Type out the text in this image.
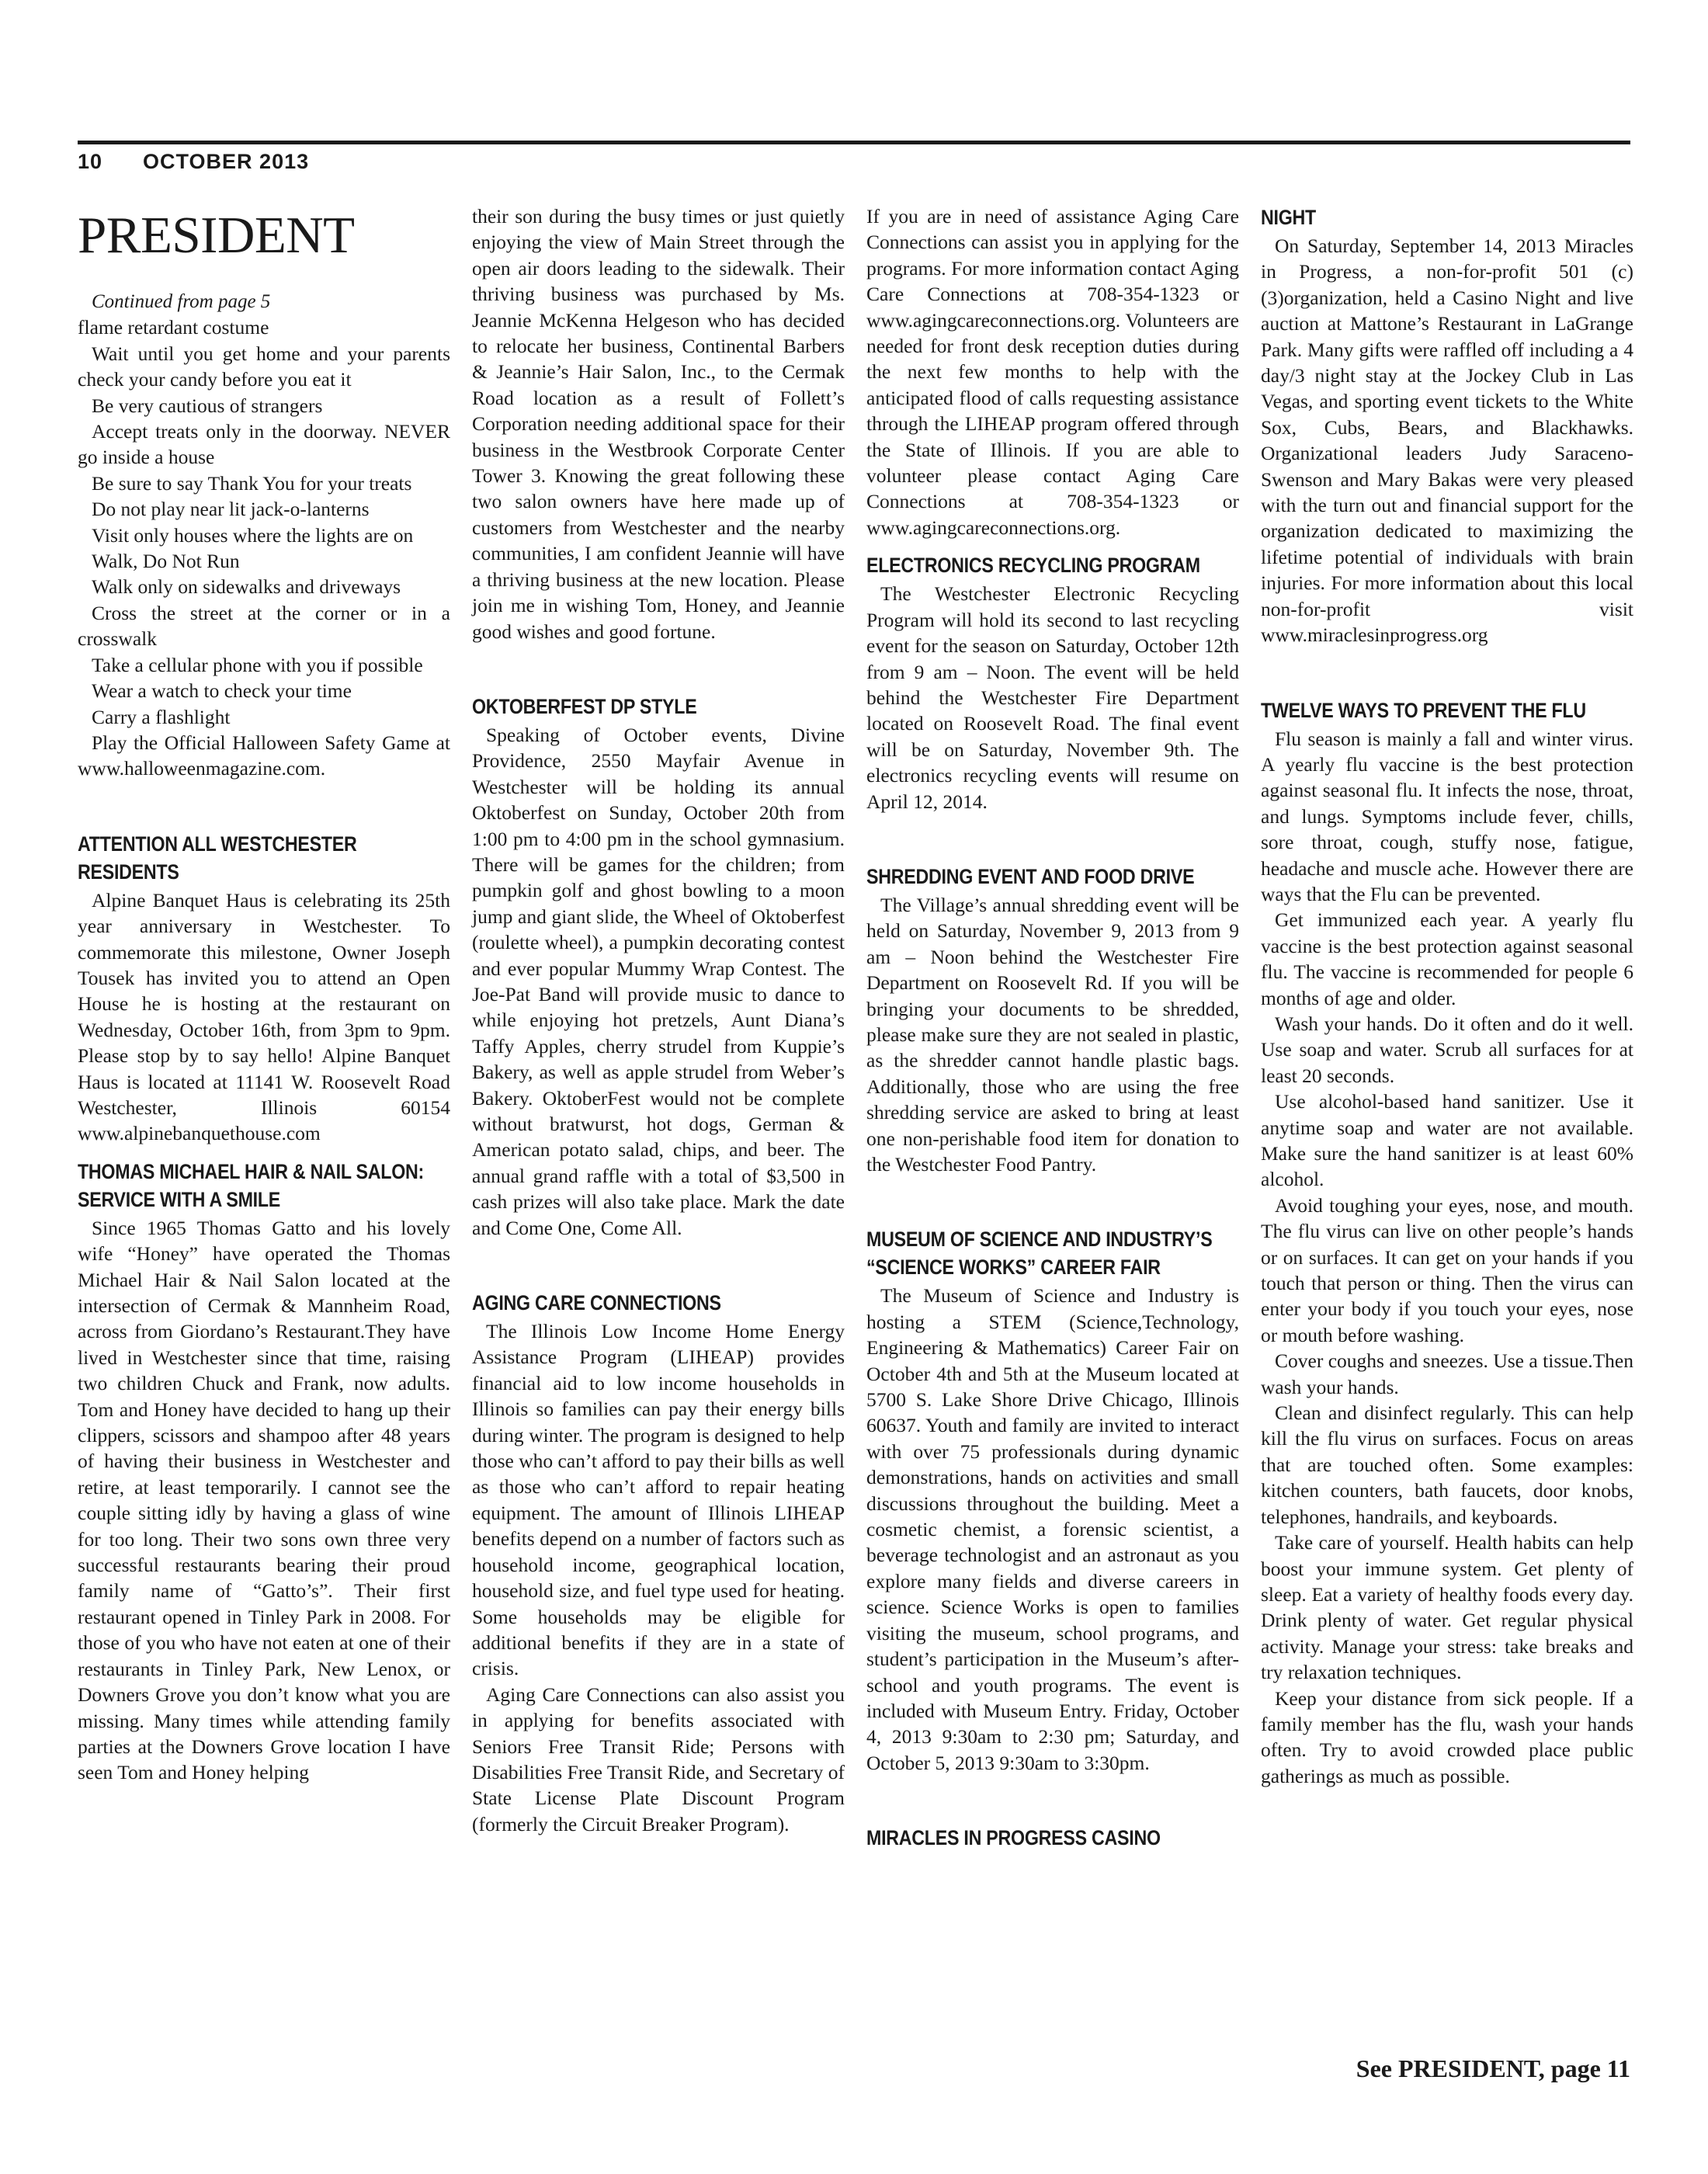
10 OCTOBER 2013
PRESIDENT

Continued from page 5

flame retardant costume

Wait until you get home and your parents check your candy before you eat it

Be very cautious of strangers

Accept treats only in the doorway. NEVER go inside a house

Be sure to say Thank You for your treats

Do not play near lit jack-o-lanterns

Visit only houses where the lights are on

Walk, Do Not Run

Walk only on sidewalks and driveways

Cross the street at the corner or in a crosswalk

Take a cellular phone with you if possible

Wear a watch to check your time

Carry a flashlight

Play the Official Halloween Safety Game at www.halloweenmagazine.com.

ATTENTION ALL WESTCHESTER RESIDENTS

Alpine Banquet Haus is celebrating its 25th year anniversary in Westchester. To commemorate this milestone, Owner Joseph Tousek has invited you to attend an Open House he is hosting at the restaurant on Wednesday, October 16th, from 3pm to 9pm. Please stop by to say hello! Alpine Banquet Haus is located at 11141 W. Roosevelt Road Westchester, Illinois 60154 www.alpinebanquethouse.com

THOMAS MICHAEL HAIR & NAIL SALON: SERVICE WITH A SMILE

Since 1965 Thomas Gatto and his lovely wife “Honey” have operated the Thomas Michael Hair & Nail Salon located at the intersection of Cermak & Mannheim Road, across from Giordano’s Restaurant.They have lived in Westchester since that time, raising two children Chuck and Frank, now adults. Tom and Honey have decided to hang up their clippers, scissors and shampoo after 48 years of having their business in Westchester and retire, at least temporarily. I cannot see the couple sitting idly by having a glass of wine for too long. Their two sons own three very successful restaurants bearing their proud family name of “Gatto’s”. Their first restaurant opened in Tinley Park in 2008. For those of you who have not eaten at one of their restaurants in Tinley Park, New Lenox, or Downers Grove you don’t know what you are missing. Many times while attending family parties at the Downers Grove location I have seen Tom and Honey helping

their son during the busy times or just quietly enjoying the view of Main Street through the open air doors leading to the sidewalk. Their thriving business was purchased by Ms. Jeannie McKenna Helgeson who has decided to relocate her business, Continental Barbers & Jeannie’s Hair Salon, Inc., to the Cermak Road location as a result of Follett’s Corporation needing additional space for their business in the Westbrook Corporate Center Tower 3. Knowing the great following these two salon owners have here made up of customers from Westchester and the nearby communities, I am confident Jeannie will have a thriving business at the new location. Please join me in wishing Tom, Honey, and Jeannie good wishes and good fortune.

OKTOBERFEST DP STYLE

Speaking of October events, Divine Providence, 2550 Mayfair Avenue in Westchester will be holding its annual Oktoberfest on Sunday, October 20th from 1:00 pm to 4:00 pm in the school gymnasium. There will be games for the children; from pumpkin golf and ghost bowling to a moon jump and giant slide, the Wheel of Oktoberfest (roulette wheel), a pumpkin decorating contest and ever popular Mummy Wrap Contest. The Joe-Pat Band will provide music to dance to while enjoying hot pretzels, Aunt Diana’s Taffy Apples, cherry strudel from Kuppie’s Bakery, as well as apple strudel from Weber’s Bakery. OktoberFest would not be complete without bratwurst, hot dogs, German & American potato salad, chips, and beer. The annual grand raffle with a total of $3,500 in cash prizes will also take place. Mark the date and Come One, Come All.

AGING CARE CONNECTIONS

The Illinois Low Income Home Energy Assistance Program (LIHEAP) provides financial aid to low income households in Illinois so families can pay their energy bills during winter. The program is designed to help those who can’t afford to pay their bills as well as those who can’t afford to repair heating equipment. The amount of Illinois LIHEAP benefits depend on a number of factors such as household income, geographical location, household size, and fuel type used for heating. Some households may be eligible for additional benefits if they are in a state of crisis.

Aging Care Connections can also assist you in applying for benefits associated with Seniors Free Transit Ride; Persons with Disabilities Free Transit Ride, and Secretary of State License Plate Discount Program (formerly the Circuit Breaker Program).

If you are in need of assistance Aging Care Connections can assist you in applying for the programs. For more information contact Aging Care Connections at 708-354-1323 or www.agingcareconnections.org. Volunteers are needed for front desk reception duties during the next few months to help with the anticipated flood of calls requesting assistance through the LIHEAP program offered through the State of Illinois. If you are able to volunteer please contact Aging Care Connections at 708-354-1323 or www.agingcareconnections.org.

ELECTRONICS RECYCLING PROGRAM

The Westchester Electronic Recycling Program will hold its second to last recycling event for the season on Saturday, October 12th from 9 am – Noon. The event will be held behind the Westchester Fire Department located on Roosevelt Road. The final event will be on Saturday, November 9th. The electronics recycling events will resume on April 12, 2014.

SHREDDING EVENT AND FOOD DRIVE

The Village’s annual shredding event will be held on Saturday, November 9, 2013 from 9 am – Noon behind the Westchester Fire Department on Roosevelt Rd. If you will be bringing your documents to be shredded, please make sure they are not sealed in plastic, as the shredder cannot handle plastic bags. Additionally, those who are using the free shredding service are asked to bring at least one non-perishable food item for donation to the Westchester Food Pantry.

MUSEUM OF SCIENCE AND INDUSTRY’S “SCIENCE WORKS” CAREER FAIR

The Museum of Science and Industry is hosting a STEM (Science,Technology, Engineering & Mathematics) Career Fair on October 4th and 5th at the Museum located at 5700 S. Lake Shore Drive Chicago, Illinois 60637. Youth and family are invited to interact with over 75 professionals during dynamic demonstrations, hands on activities and small discussions throughout the building. Meet a cosmetic chemist, a forensic scientist, a beverage technologist and an astronaut as you explore many fields and diverse careers in science. Science Works is open to families visiting the museum, school programs, and student’s participation in the Museum’s after-school and youth programs. The event is included with Museum Entry. Friday, October 4, 2013 9:30am to 2:30 pm; Saturday, and October 5, 2013 9:30am to 3:30pm.

MIRACLES IN PROGRESS CASINO
NIGHT

On Saturday, September 14, 2013 Miracles in Progress, a non-for-profit 501 (c) (3)organization, held a Casino Night and live auction at Mattone’s Restaurant in LaGrange Park. Many gifts were raffled off including a 4 day/3 night stay at the Jockey Club in Las Vegas, and sporting event tickets to the White Sox, Cubs, Bears, and Blackhawks. Organizational leaders Judy Saraceno-Swenson and Mary Bakas were very pleased with the turn out and financial support for the organization dedicated to maximizing the lifetime potential of individuals with brain injuries. For more information about this local non-for-profit visit www.miraclesinprogress.org

TWELVE WAYS TO PREVENT THE FLU

Flu season is mainly a fall and winter virus. A yearly flu vaccine is the best protection against seasonal flu. It infects the nose, throat, and lungs. Symptoms include fever, chills, sore throat, cough, stuffy nose, fatigue, headache and muscle ache. However there are ways that the Flu can be prevented.

Get immunized each year. A yearly flu vaccine is the best protection against seasonal flu. The vaccine is recommended for people 6 months of age and older.

Wash your hands. Do it often and do it well. Use soap and water. Scrub all surfaces for at least 20 seconds.

Use alcohol-based hand sanitizer. Use it anytime soap and water are not available. Make sure the hand sanitizer is at least 60% alcohol.

Avoid toughing your eyes, nose, and mouth. The flu virus can live on other people’s hands or on surfaces. It can get on your hands if you touch that person or thing. Then the virus can enter your body if you touch your eyes, nose or mouth before washing.

Cover coughs and sneezes. Use a tissue.Then wash your hands.

Clean and disinfect regularly. This can help kill the flu virus on surfaces. Focus on areas that are touched often. Some examples: kitchen counters, bath faucets, door knobs, telephones, handrails, and keyboards.

Take care of yourself. Health habits can help boost your immune system. Get plenty of sleep. Eat a variety of healthy foods every day. Drink plenty of water. Get regular physical activity. Manage your stress: take breaks and try relaxation techniques.

Keep your distance from sick people. If a family member has the flu, wash your hands often. Try to avoid crowded place public gatherings as much as possible.

See PRESIDENT, page 11
